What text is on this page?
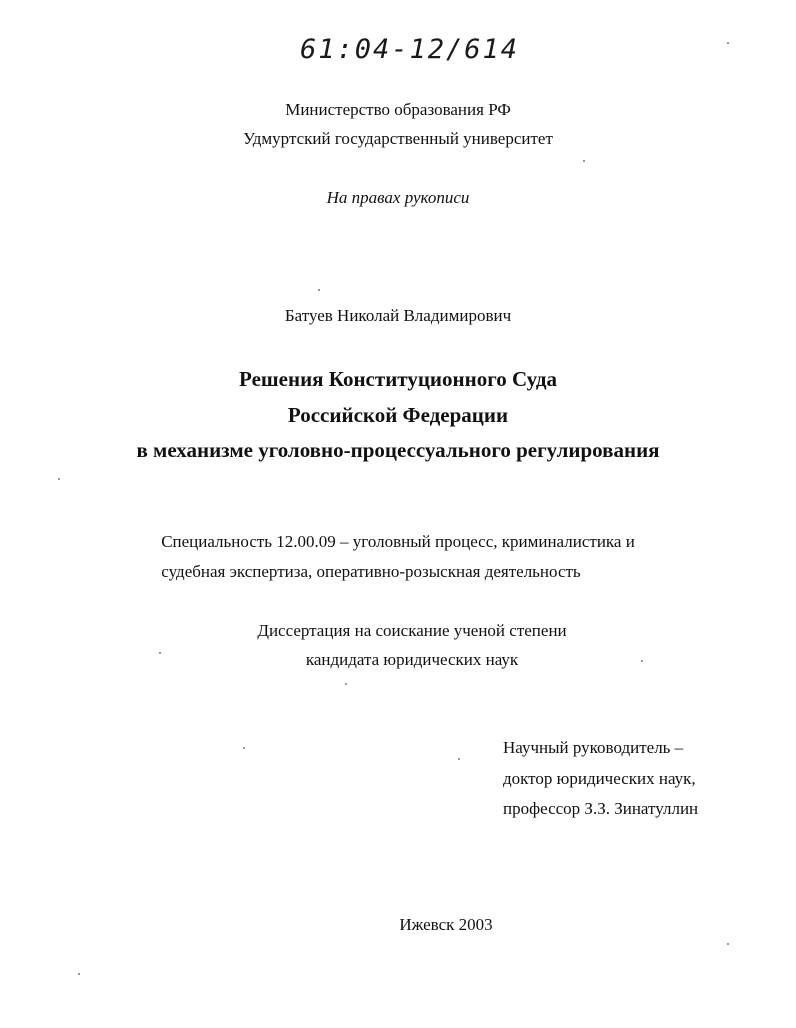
61:04-12/614
Министерство образования РФ
Удмуртский государственный университет
На правах рукописи
Батуев Николай Владимирович
Решения Конституционного Суда
Российской Федерации
в механизме уголовно-процессуального регулирования
Специальность 12.00.09 – уголовный процесс, криминалистика и
судебная экспертиза, оперативно-розыскная деятельность
Диссертация на соискание ученой степени
кандидата юридических наук
Научный руководитель –
доктор юридических наук,
профессор З.З. Зинатуллин
Ижевск 2003
